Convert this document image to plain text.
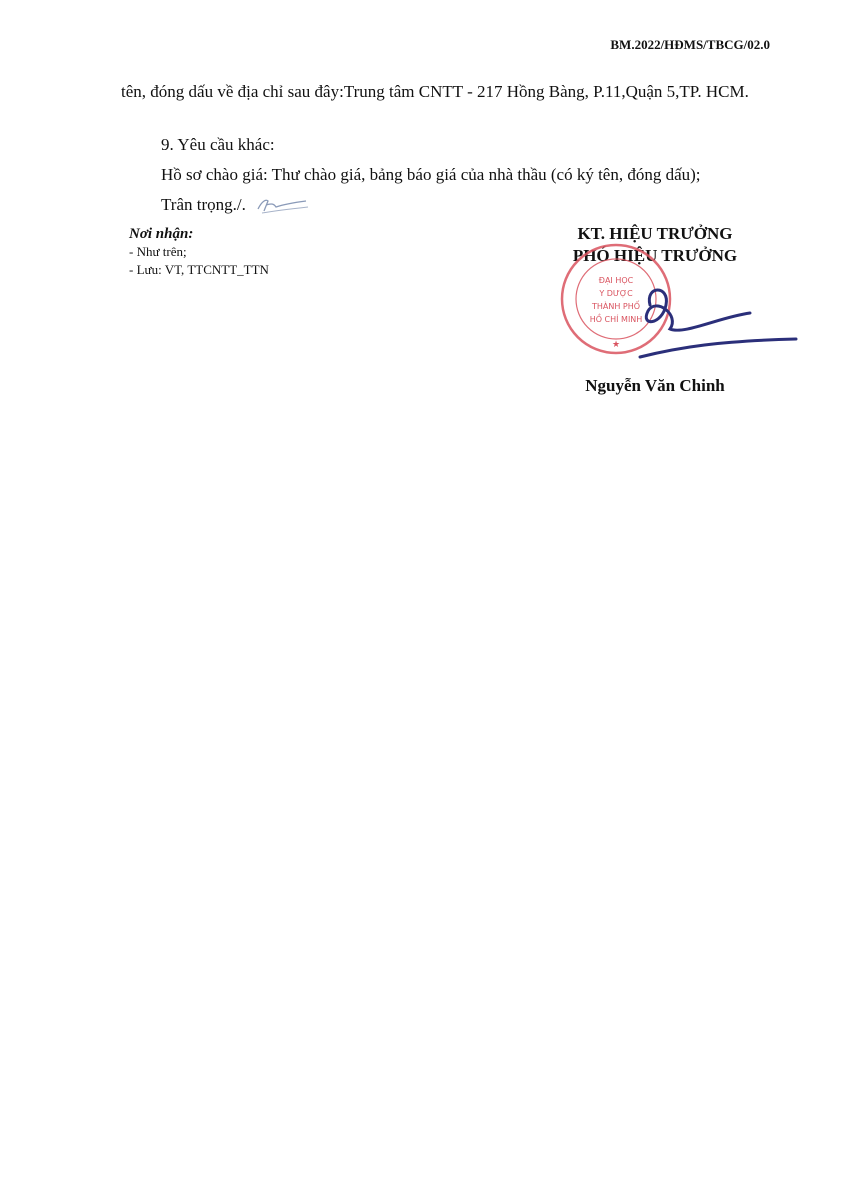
BM.2022/HĐMS/TBCG/02.0
tên, đóng dấu về địa chỉ sau đây:Trung tâm CNTT - 217 Hồng Bàng, P.11,Quận 5,TP. HCM.
9. Yêu cầu khác:
Hồ sơ chào giá: Thư chào giá, bảng báo giá của nhà thầu (có ký tên, đóng dấu);
Trân trọng./.
Nơi nhận:
- Như trên;
- Lưu: VT, TTCNTT_TTN
KT. HIỆU TRƯỞNG
PHÓ HIỆU TRƯỞNG
ĐẠI HỌC
Y DƯỢC
THÀNH PHỐ
HỒ CHÍ MINH
★
Nguyễn Văn Chinh
